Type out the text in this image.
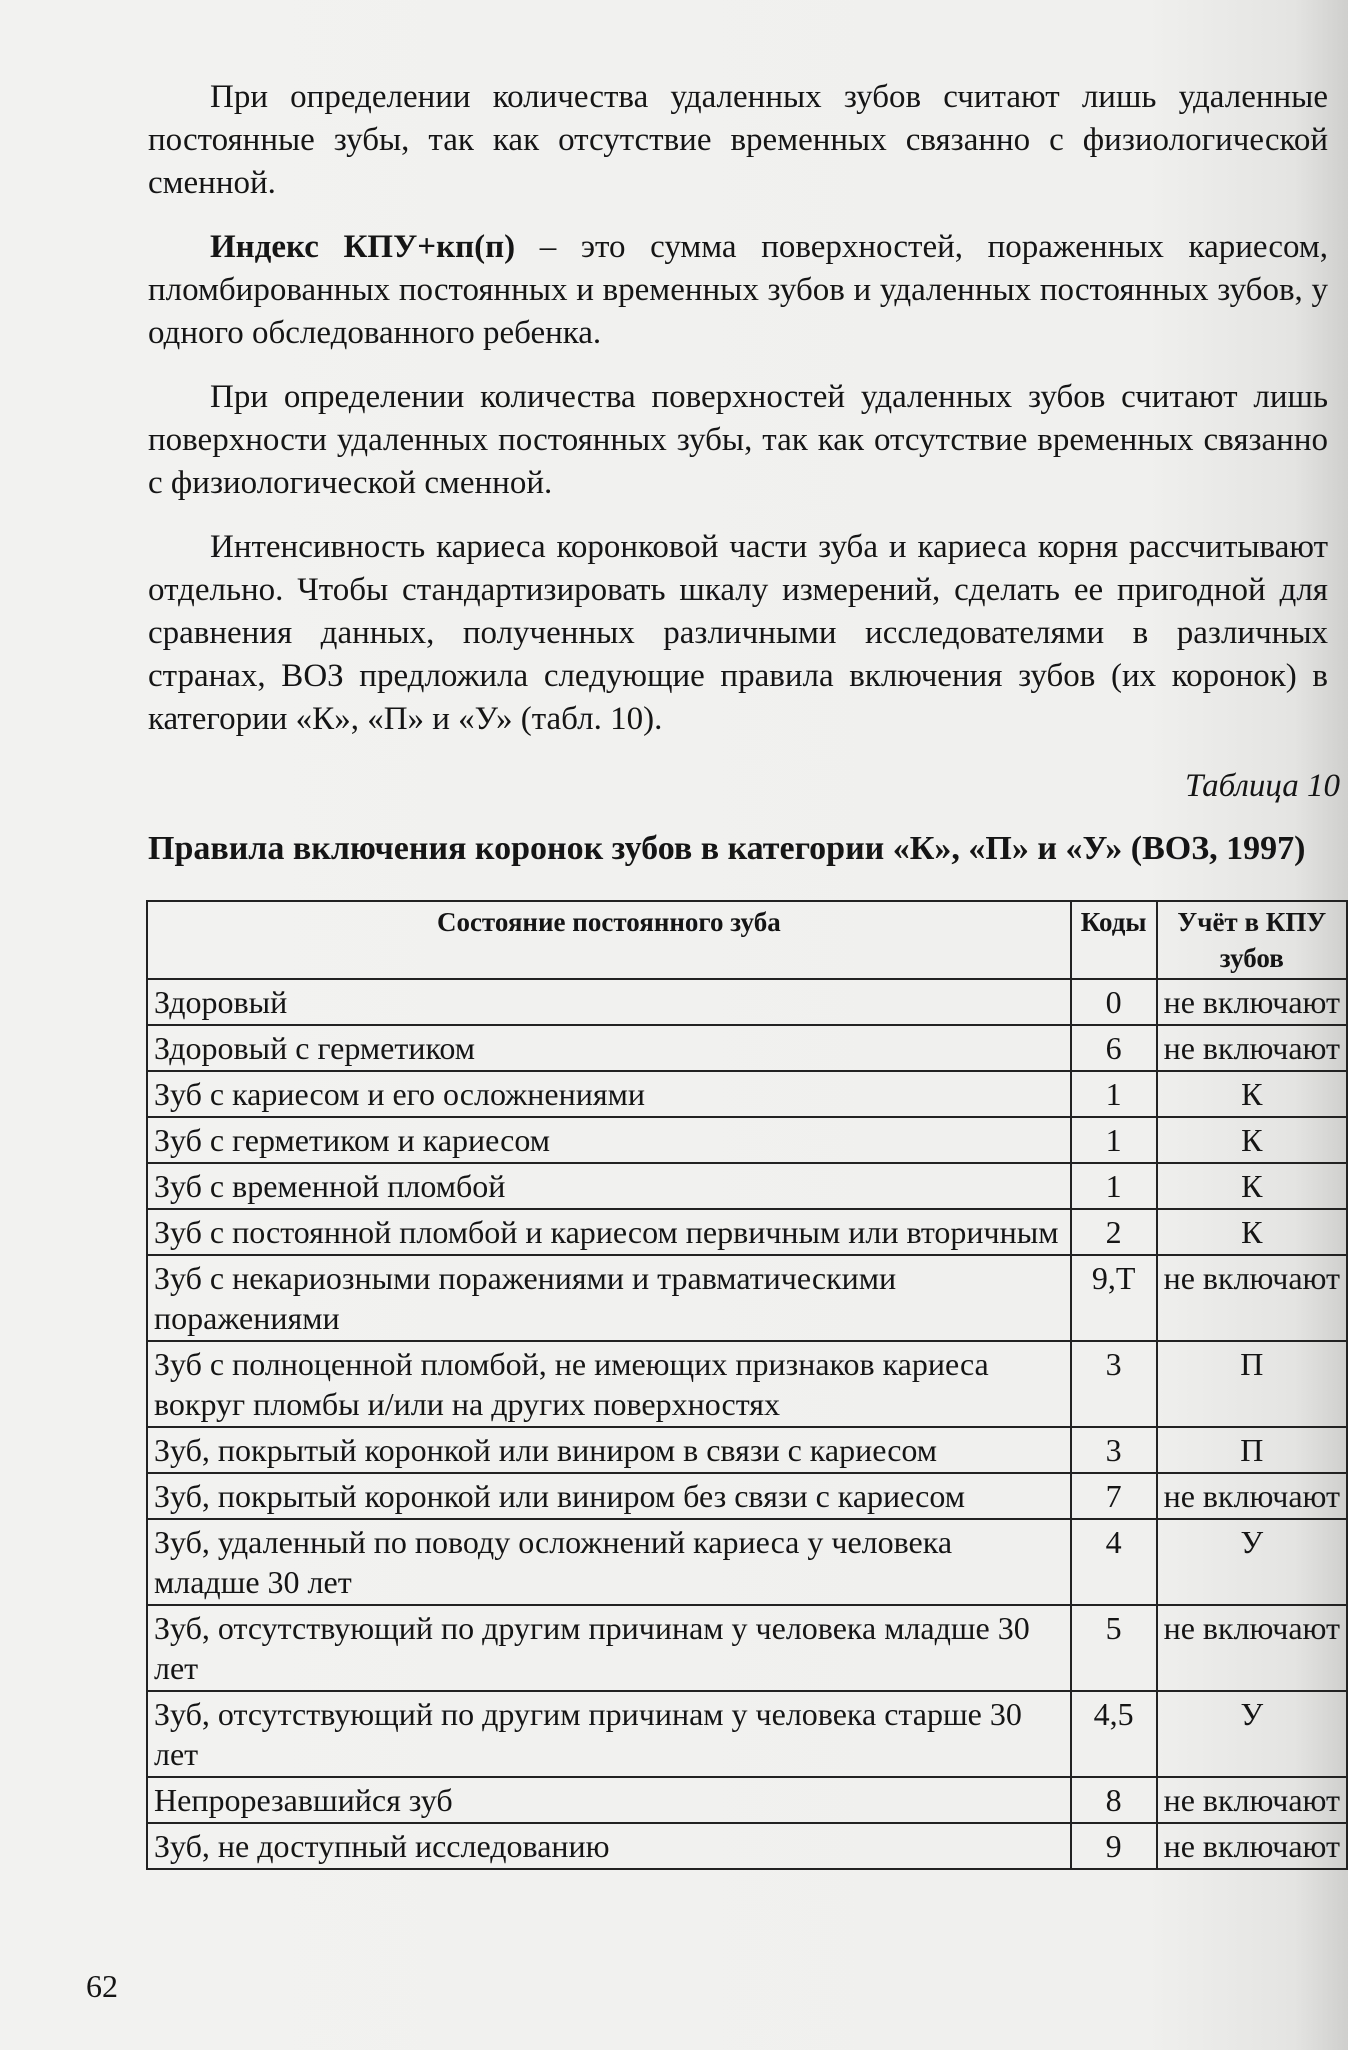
При определении количества удаленных зубов считают лишь удаленные постоянные зубы, так как отсутствие временных связанно с физиологической сменной.

Индекс КПУ+кп(п) – это сумма поверхностей, пораженных кариесом, пломбированных постоянных и временных зубов и удаленных постоянных зубов, у одного обследованного ребенка.

При определении количества поверхностей удаленных зубов считают лишь поверхности удаленных постоянных зубы, так как отсутствие временных связанно с физиологической сменной.

Интенсивность кариеса коронковой части зуба и кариеса корня рассчитывают отдельно. Чтобы стандартизировать шкалу измерений, сделать ее пригодной для сравнения данных, полученных различными исследователями в различных странах, ВОЗ предложила следующие правила включения зубов (их коронок) в категории «К», «П» и «У» (табл. 10).

Таблица 10

Правила включения коронок зубов в категории «К», «П» и «У» (ВОЗ, 1997)

Состояние постоянного зуба	Коды	Учёт в КПУ зубов
Здоровый	0	не включают
Здоровый с герметиком	6	не включают
Зуб с кариесом и его осложнениями	1	К
Зуб с герметиком и кариесом	1	К
Зуб с временной пломбой	1	К
Зуб с постоянной пломбой и кариесом первичным или вторичным	2	К
Зуб с некариозными поражениями и травматическими поражениями	9,Т	не включают
Зуб с полноценной пломбой, не имеющих признаков кариеса вокруг пломбы и/или на других поверхностях	3	П
Зуб, покрытый коронкой или виниром в связи с кариесом	3	П
Зуб, покрытый коронкой или виниром без связи с кариесом	7	не включают
Зуб, удаленный по поводу осложнений кариеса у человека младше 30 лет	4	У
Зуб, отсутствующий по другим причинам у человека младше 30 лет	5	не включают
Зуб, отсутствующий по другим причинам у человека старше 30 лет	4,5	У
Непрорезавшийся зуб	8	не включают
Зуб, не доступный исследованию	9	не включают

62
